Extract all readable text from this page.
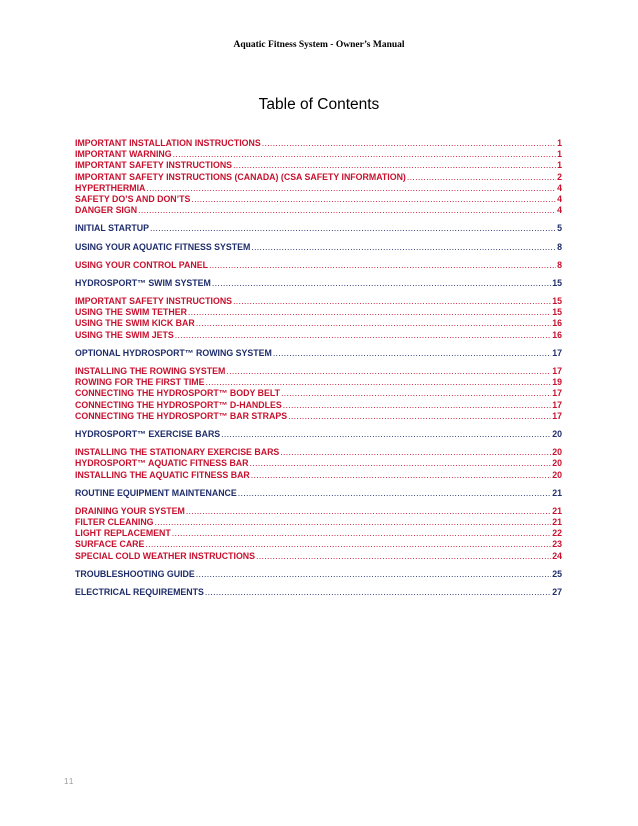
Aquatic Fitness System - Owner’s Manual
Table of Contents
IMPORTANT INSTALLATION INSTRUCTIONS .....	1
IMPORTANT WARNING .....	1
IMPORTANT SAFETY INSTRUCTIONS .....	1
IMPORTANT SAFETY INSTRUCTIONS (CANADA) (CSA SAFETY INFORMATION) .....	2
HYPERTHERMIA .....	4
SAFETY DO’S AND DON’TS .....	4
DANGER SIGN .....	4
INITIAL STARTUP .....	5
USING YOUR AQUATIC FITNESS SYSTEM .....	8
USING YOUR CONTROL PANEL .....	8
HYDROSPORT™ SWIM SYSTEM .....	15
IMPORTANT SAFETY INSTRUCTIONS .....	15
USING THE SWIM TETHER .....	15
USING THE SWIM KICK BAR .....	16
USING THE SWIM JETS .....	16
OPTIONAL HYDROSPORT™ ROWING SYSTEM .....	17
INSTALLING THE ROWING SYSTEM .....	17
ROWING FOR THE FIRST TIME .....	19
CONNECTING THE HYDROSPORT™ BODY BELT .....	17
CONNECTING THE HYDROSPORT™ D-HANDLES .....	17
CONNECTING THE HYDROSPORT™ BAR STRAPS .....	17
HYDROSPORT™ EXERCISE BARS .....	20
INSTALLING THE STATIONARY EXERCISE BARS .....	20
HYDROSPORT™ AQUATIC FITNESS BAR .....	20
INSTALLING THE AQUATIC FITNESS BAR .....	20
ROUTINE EQUIPMENT MAINTENANCE .....	21
DRAINING YOUR SYSTEM .....	21
FILTER CLEANING .....	21
LIGHT REPLACEMENT .....	22
SURFACE CARE .....	23
SPECIAL COLD WEATHER INSTRUCTIONS .....	24
TROUBLESHOOTING GUIDE .....	25
ELECTRICAL REQUIREMENTS .....	27
11
